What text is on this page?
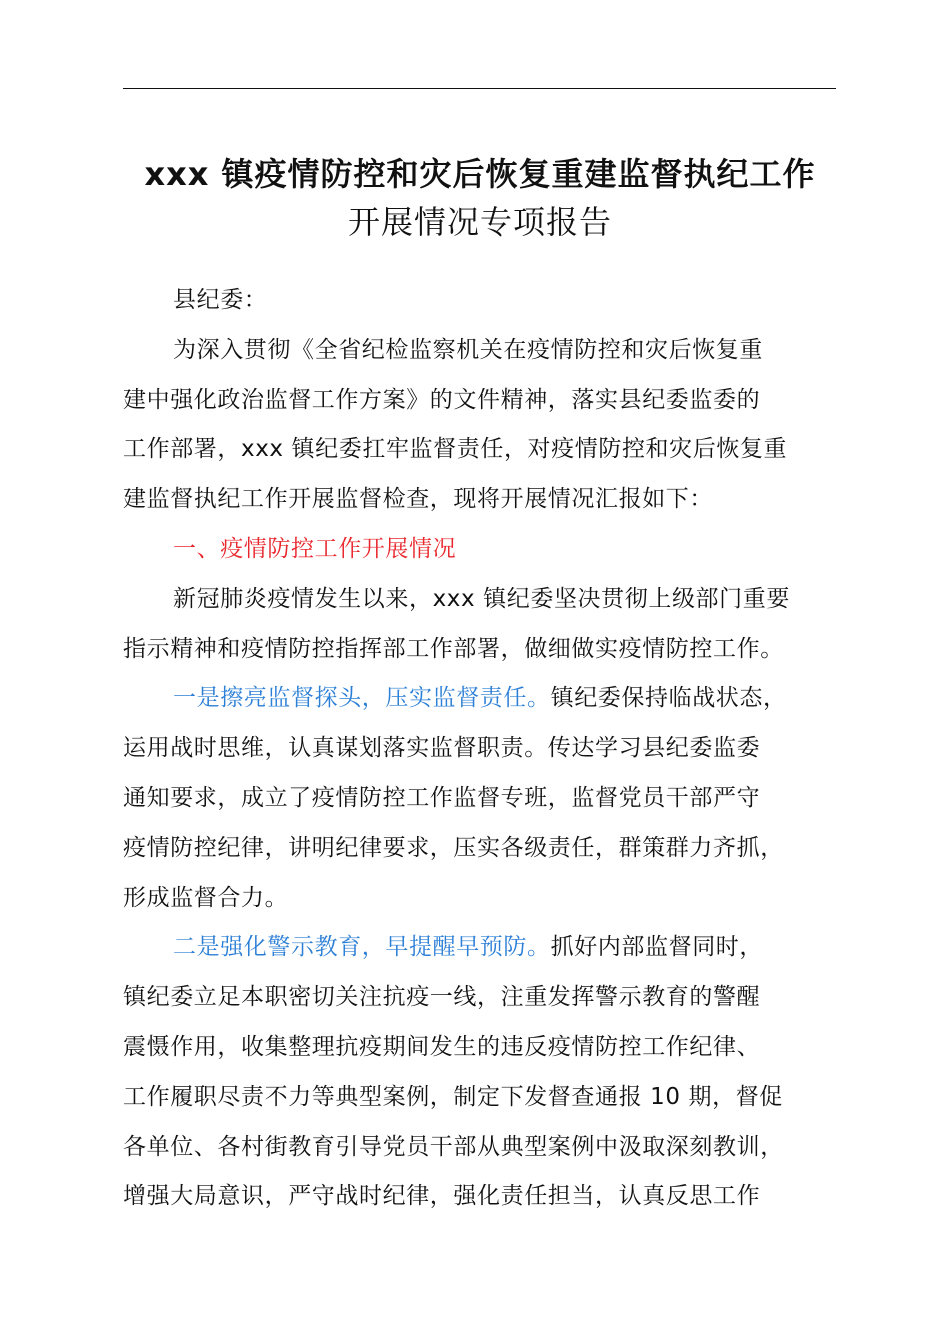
xxx 镇疫情防控和灾后恢复重建监督执纪工作
开展情况专项报告
县纪委：
为深入贯彻《全省纪检监察机关在疫情防控和灾后恢复重
建中强化政治监督工作方案》的文件精神，落实县纪委监委的
工作部署，xxx 镇纪委扛牢监督责任，对疫情防控和灾后恢复重
建监督执纪工作开展监督检查，现将开展情况汇报如下：
一、疫情防控工作开展情况
新冠肺炎疫情发生以来，xxx 镇纪委坚决贯彻上级部门重要
指示精神和疫情防控指挥部工作部署，做细做实疫情防控工作。
一是擦亮监督探头，压实监督责任。镇纪委保持临战状态，
运用战时思维，认真谋划落实监督职责。传达学习县纪委监委
通知要求，成立了疫情防控工作监督专班，监督党员干部严守
疫情防控纪律，讲明纪律要求，压实各级责任，群策群力齐抓，
形成监督合力。
二是强化警示教育，早提醒早预防。抓好内部监督同时，
镇纪委立足本职密切关注抗疫一线，注重发挥警示教育的警醒
震慑作用，收集整理抗疫期间发生的违反疫情防控工作纪律、
工作履职尽责不力等典型案例，制定下发督查通报 10 期，督促
各单位、各村街教育引导党员干部从典型案例中汲取深刻教训，
增强大局意识，严守战时纪律，强化责任担当，认真反思工作
